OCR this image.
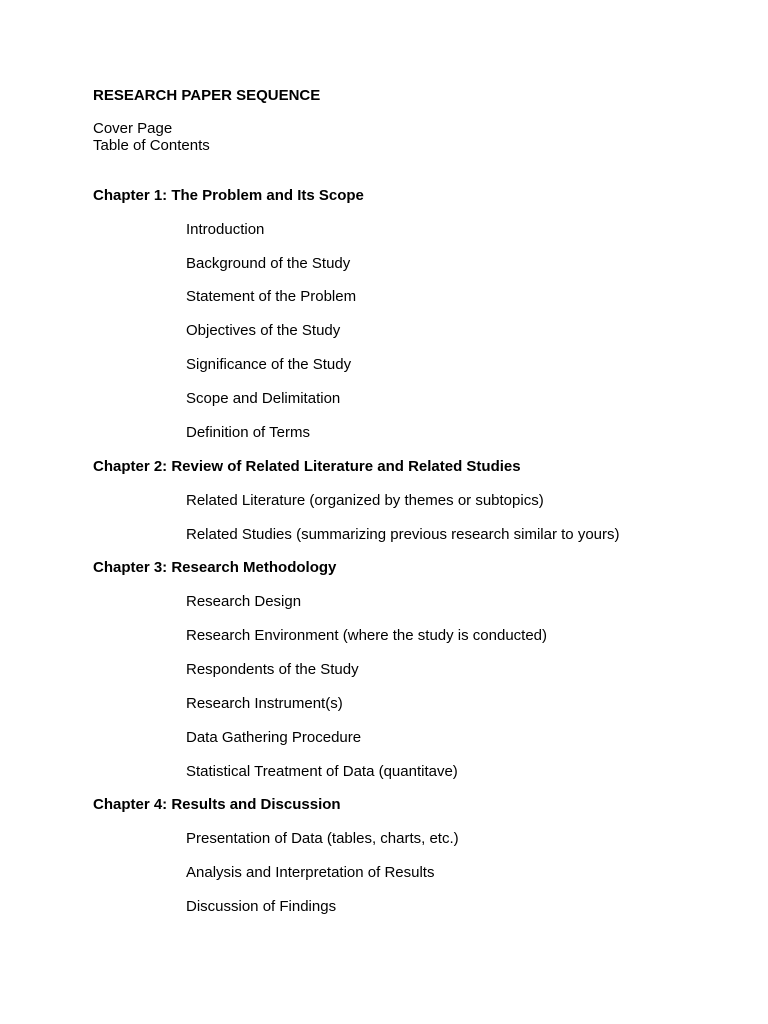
RESEARCH PAPER SEQUENCE
Cover Page
Table of Contents
Chapter 1: The Problem and Its Scope
Introduction
Background of the Study
Statement of the Problem
Objectives of the Study
Significance of the Study
Scope and Delimitation
Definition of Terms
Chapter 2: Review of Related Literature and Related Studies
Related Literature (organized by themes or subtopics)
Related Studies (summarizing previous research similar to yours)
Chapter 3: Research Methodology
Research Design
Research Environment (where the study is conducted)
Respondents of the Study
Research Instrument(s)
Data Gathering Procedure
Statistical Treatment of Data (quantitave)
Chapter 4: Results and Discussion
Presentation of Data (tables, charts, etc.)
Analysis and Interpretation of Results
Discussion of Findings
